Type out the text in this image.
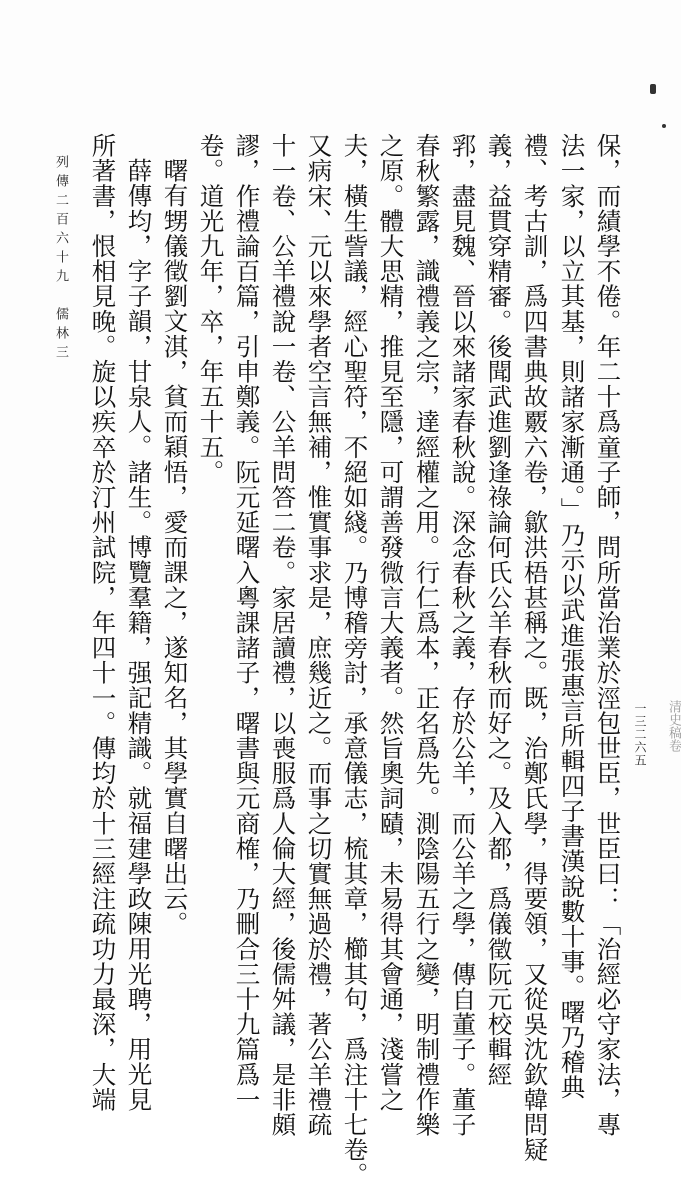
清史稿卷
保，而績學不倦。年二十爲童子師，問所當治業於涇包世臣，世臣曰：「治經必守家法，專
法一家，以立其基，則諸家漸通。」乃示以武進張惠言所輯四子書漢說數十事。曙乃稽典
禮、考古訓，爲四書典故覈六卷，歙洪梧甚稱之。既，治鄭氏學，得要領，又從吳沈欽韓問疑
義，益貫穿精審。後聞武進劉逢祿論何氏公羊春秋而好之。及入都，爲儀徵阮元校輯經
郛，盡見魏、晉以來諸家春秋說。深念春秋之義，存於公羊，而公羊之學，傳自董子。董子
春秋繁露，識禮義之宗，達經權之用。行仁爲本，正名爲先。測陰陽五行之變，明制禮作樂
之原。體大思精，推見至隱，可謂善發微言大義者。然旨奧詞賾，未易得其會通，淺嘗之
夫，橫生訾議，經心聖符，不絕如綫。乃博稽旁討，承意儀志，梳其章，櫛其句，爲注十七卷。
又病宋、元以來學者空言無補，惟實事求是，庶幾近之。而事之切實無過於禮，著公羊禮疏
十一卷、公羊禮說一卷、公羊問答二卷。家居讀禮，以喪服爲人倫大經，後儒舛議，是非頗
謬，作禮論百篇，引申鄭義。阮元延曙入粵課諸子，曙書與元商榷，乃刪合三十九篇爲一
卷。道光九年，卒，年五十五。
曙有甥儀徵劉文淇，貧而穎悟，愛而課之，遂知名，其學實自曙出云。
薛傳均，字子韻，甘泉人。諸生。博覽羣籍，强記精識。就福建學政陳用光聘，用光見
所著書，恨相見晚。旋以疾卒於汀州試院，年四十一。傳均於十三經注疏功力最深，大端
列傳二百六十九　儒林三
一三二六五
